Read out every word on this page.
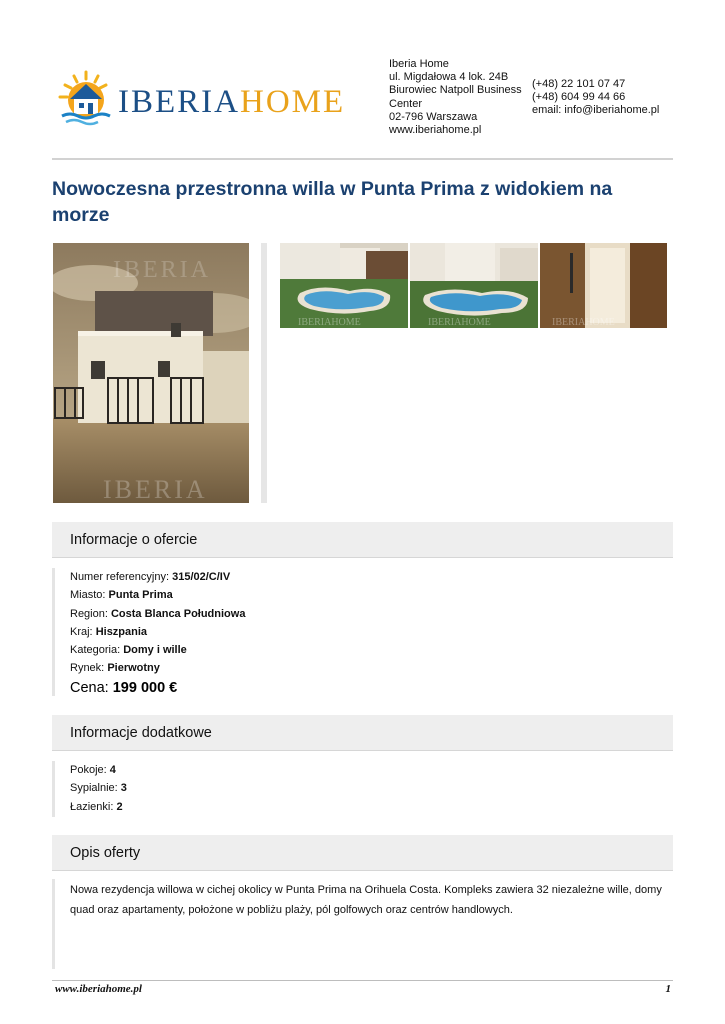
IBERIAHOME
Iberia Home
ul. Migdałowa 4 lok. 24B
Biurowiec Natpoll Business Center
02-796 Warszawa
www.iberiahome.pl
(+48) 22 101 07 47
(+48) 604 99 44 66
email: info@iberiahome.pl
Nowoczesna przestronna willa w Punta Prima z widokiem na morze
IBERIA
IBERIA
IBERIAHOME	IBERIAHOME	IBERIAHOME
Informacje o ofercie
Numer referencyjny: 315/02/C/IV
Miasto: Punta Prima
Region: Costa Blanca Południowa
Kraj: Hiszpania
Kategoria: Domy i wille
Rynek: Pierwotny
Cena: 199 000 €
Informacje dodatkowe
Pokoje: 4
Sypialnie: 3
Łazienki: 2
Opis oferty

Nowa rezydencja willowa w cichej okolicy w Punta Prima na Orihuela Costa. Kompleks zawiera 32 niezależne wille, domy quad oraz apartamenty, położone w pobliżu plaży, pól golfowych oraz centrów handlowych.

www.iberiahome.pl	1
